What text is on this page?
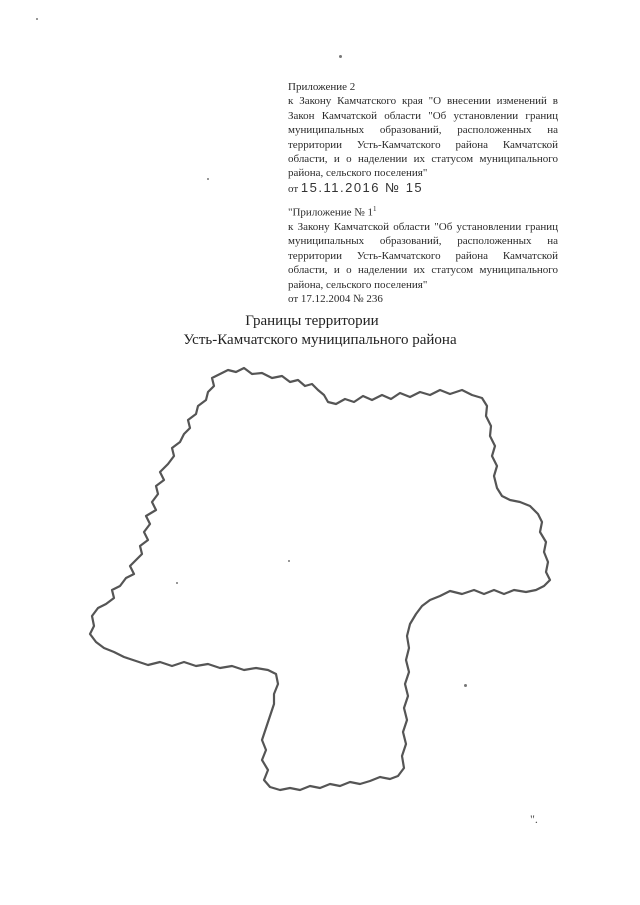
Приложение 2

к Закону Камчатского края "О внесении изменений в Закон Камчатской области "Об установлении границ муниципальных образований, расположенных на территории Усть-Камчатского района Камчатской области, и о наделении их статусом муниципального района, сельского поселения"

от 15.11.2016 № 15

"Приложение № $1^1$

к Закону Камчатской области "Об установлении границ муниципальных образований, расположенных на территории Усть-Камчатского района Камчатской области, и о наделении их статусом муниципального района, сельского поселения"

от 17.12.2004 № 236

Границы территории
Усть-Камчатского муниципального района
".
